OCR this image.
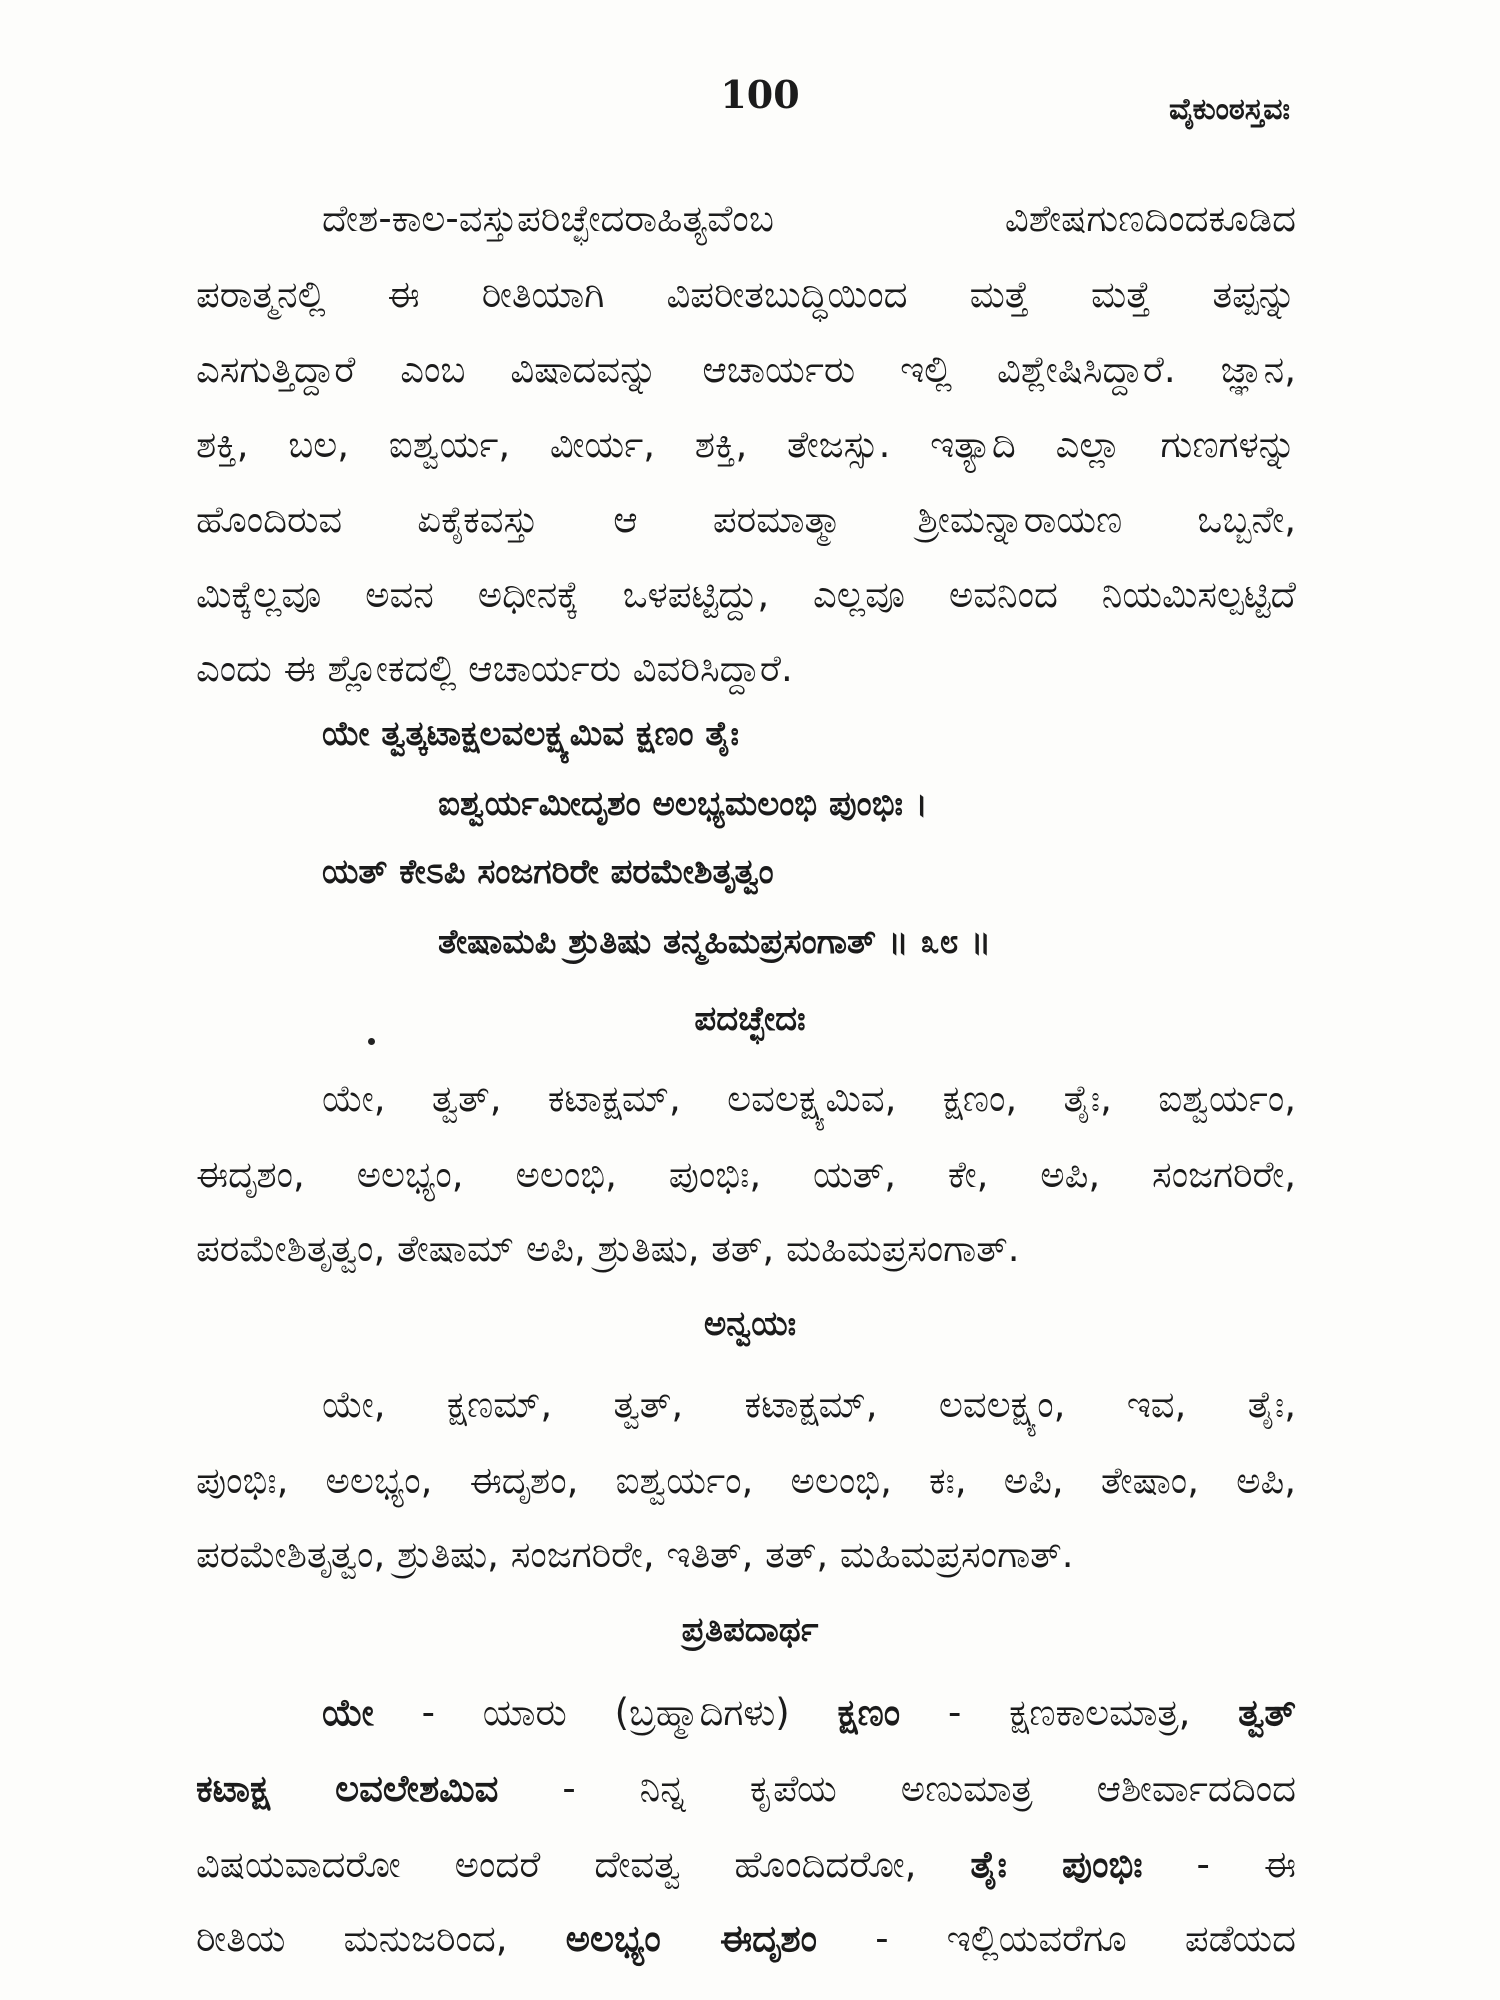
100	ವೈಕುಂಠಸ್ತವಃ
ದೇಶ-ಕಾಲ-ವಸ್ತುಪರಿಚ್ಛೇದರಾಹಿತ್ಯವೆಂಬ ವಿಶೇಷಗುಣದಿಂದಕೂಡಿದ
ಪರಾತ್ಮನಲ್ಲಿ ಈ ರೀತಿಯಾಗಿ ವಿಪರೀತಬುದ್ಧಿಯಿಂದ ಮತ್ತೆ ಮತ್ತೆ ತಪ್ಪನ್ನು
ಎಸಗುತ್ತಿದ್ದಾರೆ ಎಂಬ ವಿಷಾದವನ್ನು ಆಚಾರ್ಯರು ಇಲ್ಲಿ ವಿಶ್ಲೇಷಿಸಿದ್ದಾರೆ. ಜ್ಞಾನ,
ಶಕ್ತಿ, ಬಲ, ಐಶ್ವರ್ಯ, ವೀರ್ಯ, ಶಕ್ತಿ, ತೇಜಸ್ಸು. ಇತ್ಯಾದಿ ಎಲ್ಲಾ ಗುಣಗಳನ್ನು
ಹೊಂದಿರುವ ಏಕೈಕವಸ್ತು ಆ ಪರಮಾತ್ಮಾ ಶ್ರೀಮನ್ನಾರಾಯಣ ಒಬ್ಬನೇ,
ಮಿಕ್ಕೆಲ್ಲವೂ ಅವನ ಅಧೀನಕ್ಕೆ ಒಳಪಟ್ಟಿದ್ದು, ಎಲ್ಲವೂ ಅವನಿಂದ ನಿಯಮಿಸಲ್ಪಟ್ಟಿದೆ
ಎಂದು ಈ ಶ್ಲೋಕದಲ್ಲಿ ಆಚಾರ್ಯರು ವಿವರಿಸಿದ್ದಾರೆ.
ಯೇ ತ್ವತ್ಕಟಾಕ್ಷಲವಲಕ್ಷ್ಯಮಿವ ಕ್ಷಣಂ ತೈಃ
ಐಶ್ವರ್ಯಮೀದೃಶಂ ಅಲಭ್ಯಮಲಂಭಿ ಪುಂಭಿಃ ।
ಯತ್ ಕೇಽಪಿ ಸಂಜಗರಿರೇ ಪರಮೇಶಿತೃತ್ವಂ
ತೇಷಾಮಪಿ ಶ್ರುತಿಷು ತನ್ಮಹಿಮಪ್ರಸಂಗಾತ್ ॥ ೩೮ ॥
ಪದಚ್ಛೇದಃ
ಯೇ, ತ್ವತ್, ಕಟಾಕ್ಷಮ್, ಲವಲಕ್ಷ್ಯಮಿವ, ಕ್ಷಣಂ, ತೈಃ, ಐಶ್ವರ್ಯಂ,
ಈದೃಶಂ, ಅಲಭ್ಯಂ, ಅಲಂಭಿ, ಪುಂಭಿಃ, ಯತ್, ಕೇ, ಅಪಿ, ಸಂಜಗರಿರೇ,
ಪರಮೇಶಿತೃತ್ವಂ, ತೇಷಾಮ್ ಅಪಿ, ಶ್ರುತಿಷು, ತತ್, ಮಹಿಮಪ್ರಸಂಗಾತ್.
ಅನ್ವಯಃ
ಯೇ, ಕ್ಷಣಮ್, ತ್ವತ್, ಕಟಾಕ್ಷಮ್, ಲವಲಕ್ಷ್ಯಂ, ಇವ, ತೈಃ,
ಪುಂಭಿಃ, ಅಲಭ್ಯಂ, ಈದೃಶಂ, ಐಶ್ವರ್ಯಂ, ಅಲಂಭಿ, ಕಃ, ಅಪಿ, ತೇಷಾಂ, ಅಪಿ,
ಪರಮೇಶಿತೃತ್ವಂ, ಶ್ರುತಿಷು, ಸಂಜಗರಿರೇ, ಇತಿತ್, ತತ್, ಮಹಿಮಪ್ರಸಂಗಾತ್.
ಪ್ರತಿಪದಾರ್ಥ
ಯೇ - ಯಾರು (ಬ್ರಹ್ಮಾದಿಗಳು) ಕ್ಷಣಂ - ಕ್ಷಣಕಾಲಮಾತ್ರ, ತ್ವತ್
ಕಟಾಕ್ಷ ಲವಲೇಶಮಿವ - ನಿನ್ನ ಕೃಪೆಯ ಅಣುಮಾತ್ರ ಆಶೀರ್ವಾದದಿಂದ
ವಿಷಯವಾದರೋ ಅಂದರೆ ದೇವತ್ವ ಹೊಂದಿದರೋ, ತೈಃ ಪುಂಭಿಃ - ಈ
ರೀತಿಯ ಮನುಜರಿಂದ, ಅಲಭ್ಯಂ ಈದೃಶಂ - ಇಲ್ಲಿಯವರೆಗೂ ಪಡೆಯದ
